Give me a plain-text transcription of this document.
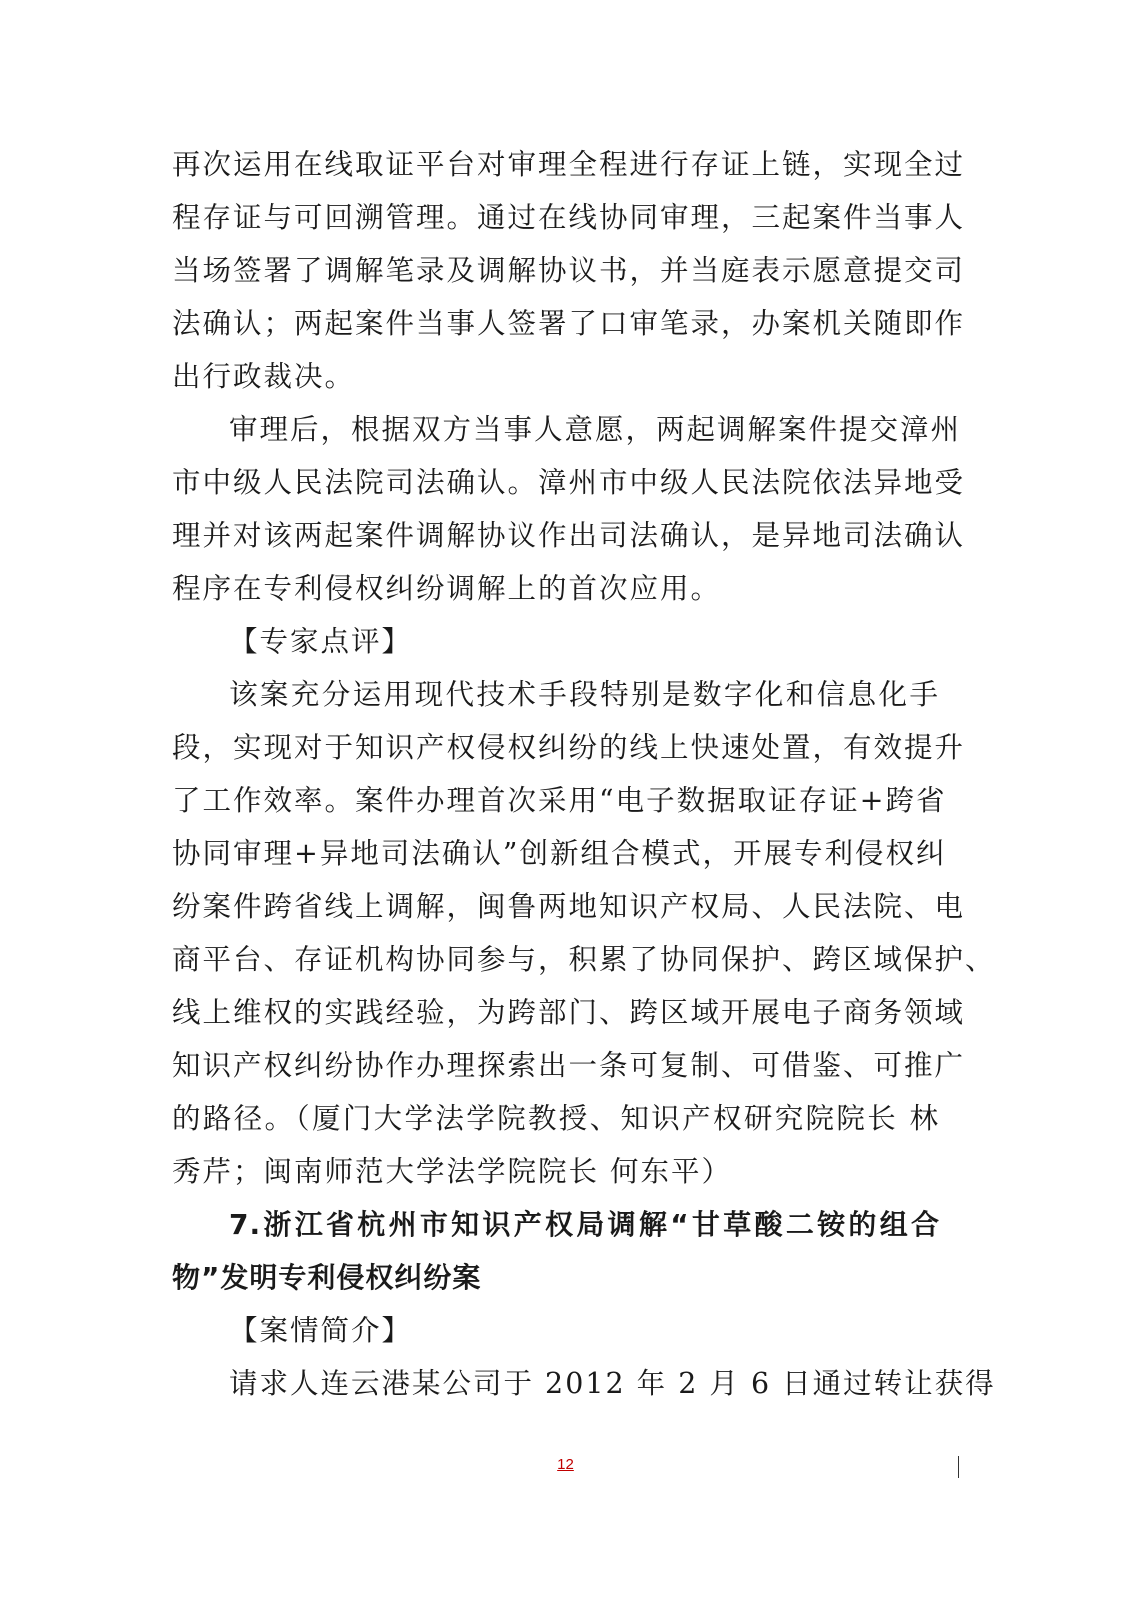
再次运用在线取证平台对审理全程进行存证上链，实现全过
程存证与可回溯管理。通过在线协同审理，三起案件当事人
当场签署了调解笔录及调解协议书，并当庭表示愿意提交司
法确认；两起案件当事人签署了口审笔录，办案机关随即作
出行政裁决。
审理后，根据双方当事人意愿，两起调解案件提交漳州
市中级人民法院司法确认。漳州市中级人民法院依法异地受
理并对该两起案件调解协议作出司法确认，是异地司法确认
程序在专利侵权纠纷调解上的首次应用。
【专家点评】
该案充分运用现代技术手段特别是数字化和信息化手
段，实现对于知识产权侵权纠纷的线上快速处置，有效提升
了工作效率。案件办理首次采用“电子数据取证存证+跨省
协同审理+异地司法确认”创新组合模式，开展专利侵权纠
纷案件跨省线上调解，闽鲁两地知识产权局、人民法院、电
商平台、存证机构协同参与，积累了协同保护、跨区域保护、
线上维权的实践经验，为跨部门、跨区域开展电子商务领域
知识产权纠纷协作办理探索出一条可复制、可借鉴、可推广
的路径。（厦门大学法学院教授、知识产权研究院院长 林
秀芹；闽南师范大学法学院院长 何东平）
7.浙江省杭州市知识产权局调解“甘草酸二铵的组合
物”发明专利侵权纠纷案
【案情简介】
请求人连云港某公司于 2012 年 2 月 6 日通过转让获得
12
